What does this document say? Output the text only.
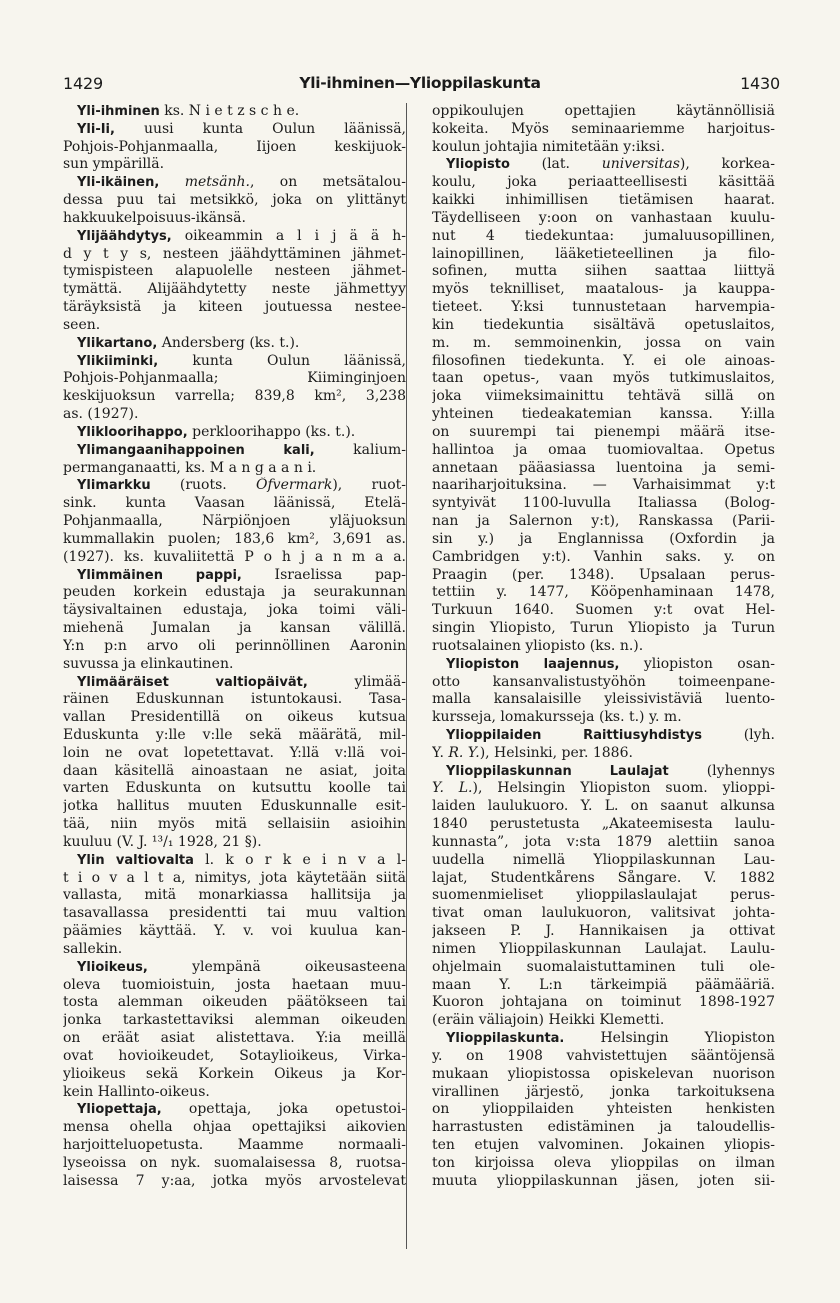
1429	Yli-ihminen—Ylioppilaskunta	1430
Yli-ihminen ks. N i e t z s c h e.
Yli-Ii, uusi kunta Oulun läänissä,
Pohjois-Pohjanmaalla, Iijoen keskijuok-
sun ympärillä.
Yli-ikäinen, metsänh., on metsätalou-
dessa puu tai metsikkö, joka on ylittänyt
hakkuukelpoisuus-ikänsä.
Ylijäähdytys, oikeammin a l i j ä ä h-
d y t y s, nesteen jäähdyttäminen jähmet-
tymispisteen alapuolelle nesteen jähmet-
tymättä. Alijäähdytetty neste jähmettyy
täräyksistä ja kiteen joutuessa nestee-
seen.
Ylikartano, Andersberg (ks. t.).
Ylikiiminki, kunta Oulun läänissä,
Pohjois-Pohjanmaalla; Kiiminginjoen
keskijuoksun varrella; 839,8 km², 3,238
as. (1927).
Ylikloorihappo, perkloorihappo (ks. t.).
Ylimangaanihappoinen kali, kalium-
permanganaatti, ks. M a n g a a n i.
Ylimarkku (ruots. Öfvermark), ruot-
sink. kunta Vaasan läänissä, Etelä-
Pohjanmaalla, Närpiönjoen yläjuoksun
kummallakin puolen; 183,6 km², 3,691 as.
(1927). ks. kuvaliitettä P o h j a n m a a.
Ylimmäinen pappi, Israelissa pap-
peuden korkein edustaja ja seurakunnan
täysivaltainen edustaja, joka toimi väli-
miehenä Jumalan ja kansan välillä.
Y:n p:n arvo oli perinnöllinen Aaronin
suvussa ja elinkautinen.
Ylimääräiset valtiopäivät, ylimää-
räinen Eduskunnan istuntokausi. Tasa-
vallan Presidentillä on oikeus kutsua
Eduskunta y:lle v:lle sekä määrätä, mil-
loin ne ovat lopetettavat. Y:llä v:llä voi-
daan käsitellä ainoastaan ne asiat, joita
varten Eduskunta on kutsuttu koolle tai
jotka hallitus muuten Eduskunnalle esit-
tää, niin myös mitä sellaisiin asioihin
kuuluu (V. J. ¹³/₁ 1928, 21 §).
Ylin valtiovalta l. k o r k e i n v a l-
t i o v a l t a, nimitys, jota käytetään siitä
vallasta, mitä monarkiassa hallitsija ja
tasavallassa presidentti tai muu valtion
päämies käyttää. Y. v. voi kuulua kan-
sallekin.
Ylioikeus, ylempänä oikeusasteena
oleva tuomioistuin, josta haetaan muu-
tosta alemman oikeuden päätökseen tai
jonka tarkastettaviksi alemman oikeuden
on eräät asiat alistettava. Y:ia meillä
ovat hovioikeudet, Sotaylioikeus, Virka-
ylioikeus sekä Korkein Oikeus ja Kor-
kein Hallinto-oikeus.
Yliopettaja, opettaja, joka opetustoi-
mensa ohella ohjaa opettajiksi aikovien
harjoitteluopetusta. Maamme normaali-
lyseoissa on nyk. suomalaisessa 8, ruotsa-
laisessa 7 y:aa, jotka myös arvostelevat
oppikoulujen opettajien käytännöllisiä
kokeita. Myös seminaariemme harjoitus-
koulun johtajia nimitetään y:iksi.
Yliopisto (lat. universitas), korkea-
koulu, joka periaatteellisesti käsittää
kaikki inhimillisen tietämisen haarat.
Täydelliseen y:oon on vanhastaan kuulu-
nut 4 tiedekuntaa: jumaluusopillinen,
lainopillinen, lääketieteellinen ja filo-
sofinen, mutta siihen saattaa liittyä
myös teknilliset, maatalous- ja kauppa-
tieteet. Y:ksi tunnustetaan harvempia-
kin tiedekuntia sisältävä opetuslaitos,
m. m. semmoinenkin, jossa on vain
filosofinen tiedekunta. Y. ei ole ainoas-
taan opetus-, vaan myös tutkimuslaitos,
joka viimeksimainittu tehtävä sillä on
yhteinen tiedeakatemian kanssa. Y:illa
on suurempi tai pienempi määrä itse-
hallintoa ja omaa tuomiovaltaa. Opetus
annetaan pääasiassa luentoina ja semi-
naariharjoituksina. — Varhaisimmat y:t
syntyivät 1100-luvulla Italiassa (Bolog-
nan ja Salernon y:t), Ranskassa (Parii-
sin y.) ja Englannissa (Oxfordin ja
Cambridgen y:t). Vanhin saks. y. on
Praagin (per. 1348). Upsalaan perus-
tettiin y. 1477, Kööpenhaminaan 1478,
Turkuun 1640. Suomen y:t ovat Hel-
singin Yliopisto, Turun Yliopisto ja Turun
ruotsalainen yliopisto (ks. n.).
Yliopiston laajennus, yliopiston osan-
otto kansanvalistustyöhön toimeenpane-
malla kansalaisille yleissivistäviä luento-
kursseja, lomakursseja (ks. t.) y. m.
Ylioppilaiden Raittiusyhdistys (lyh.
Y. R. Y.), Helsinki, per. 1886.
Ylioppilaskunnan Laulajat (lyhennys
Y. L.), Helsingin Yliopiston suom. ylioppi-
laiden laulukuoro. Y. L. on saanut alkunsa
1840 perustetusta „Akateemisesta laulu-
kunnasta”, jota v:sta 1879 alettiin sanoa
uudella nimellä Ylioppilaskunnan Lau-
lajat, Studentkårens Sångare. V. 1882
suomenmieliset ylioppilaslaulajat perus-
tivat oman laulukuoron, valitsivat johta-
jakseen P. J. Hannikaisen ja ottivat
nimen Ylioppilaskunnan Laulajat. Laulu-
ohjelmain suomalaistuttaminen tuli ole-
maan Y. L:n tärkeimpiä päämääriä.
Kuoron johtajana on toiminut 1898-1927
(eräin väliajoin) Heikki Klemetti.
Ylioppilaskunta. Helsingin Yliopiston
y. on 1908 vahvistettujen sääntöjensä
mukaan yliopistossa opiskelevan nuorison
virallinen järjestö, jonka tarkoituksena
on ylioppilaiden yhteisten henkisten
harrastusten edistäminen ja taloudellis-
ten etujen valvominen. Jokainen yliopis-
ton kirjoissa oleva ylioppilas on ilman
muuta ylioppilaskunnan jäsen, joten sii-
